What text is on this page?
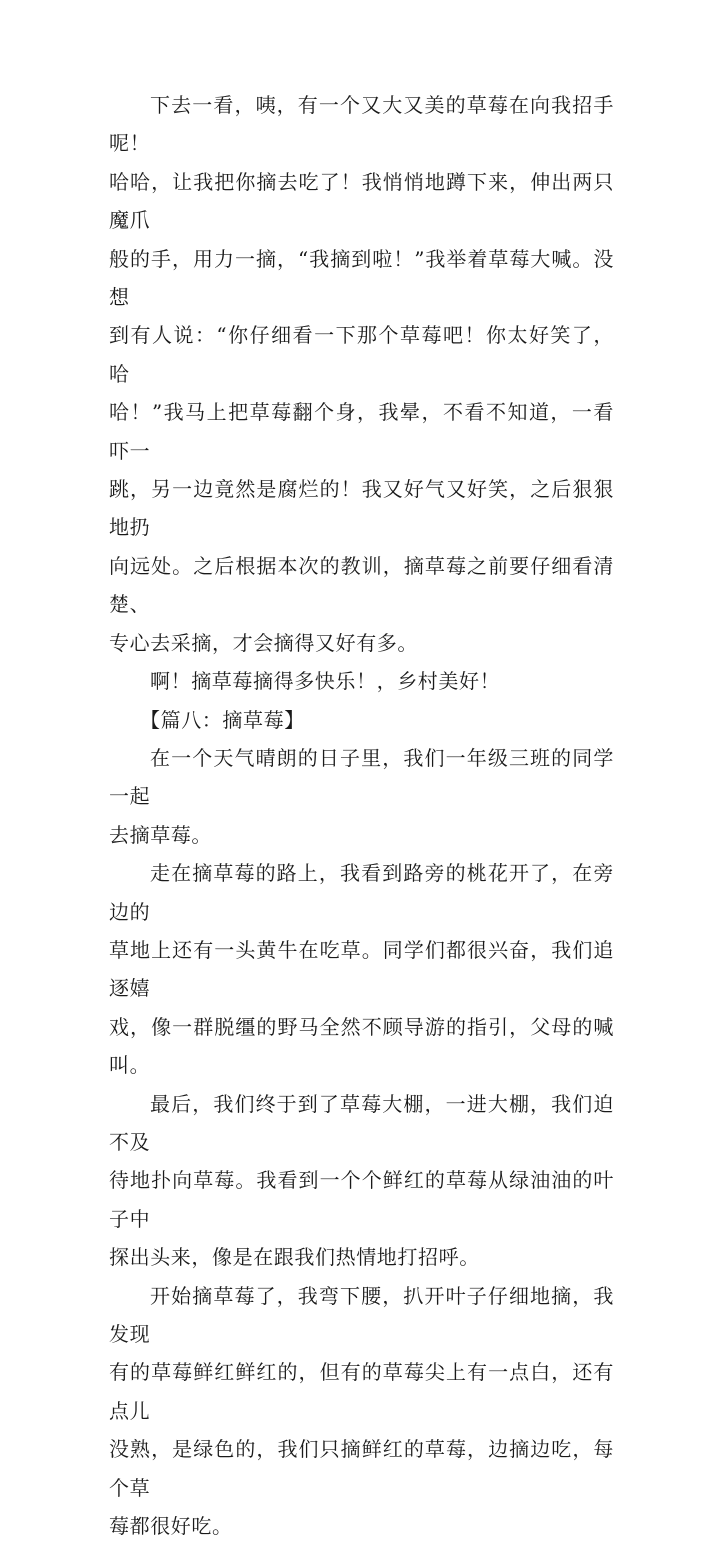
下去一看，咦，有一个又大又美的草莓在向我招手呢！
哈哈，让我把你摘去吃了！我悄悄地蹲下来，伸出两只魔爪
般的手，用力一摘，“我摘到啦！”我举着草莓大喊。没想
到有人说：“你仔细看一下那个草莓吧！你太好笑了，哈
哈！”我马上把草莓翻个身，我晕，不看不知道，一看吓一
跳，另一边竟然是腐烂的！我又好气又好笑，之后狠狠地扔
向远处。之后根据本次的教训，摘草莓之前要仔细看清楚、
专心去采摘，才会摘得又好有多。

啊！摘草莓摘得多快乐！，乡村美好！

【篇八：摘草莓】

在一个天气晴朗的日子里，我们一年级三班的同学一起
去摘草莓。

走在摘草莓的路上，我看到路旁的桃花开了，在旁边的
草地上还有一头黄牛在吃草。同学们都很兴奋，我们追逐嬉
戏，像一群脱缰的野马全然不顾导游的指引，父母的喊叫。

最后，我们终于到了草莓大棚，一进大棚，我们迫不及
待地扑向草莓。我看到一个个鲜红的草莓从绿油油的叶子中
探出头来，像是在跟我们热情地打招呼。

开始摘草莓了，我弯下腰，扒开叶子仔细地摘，我发现
有的草莓鲜红鲜红的，但有的草莓尖上有一点白，还有点儿
没熟，是绿色的，我们只摘鲜红的草莓，边摘边吃，每个草
莓都很好吃。
